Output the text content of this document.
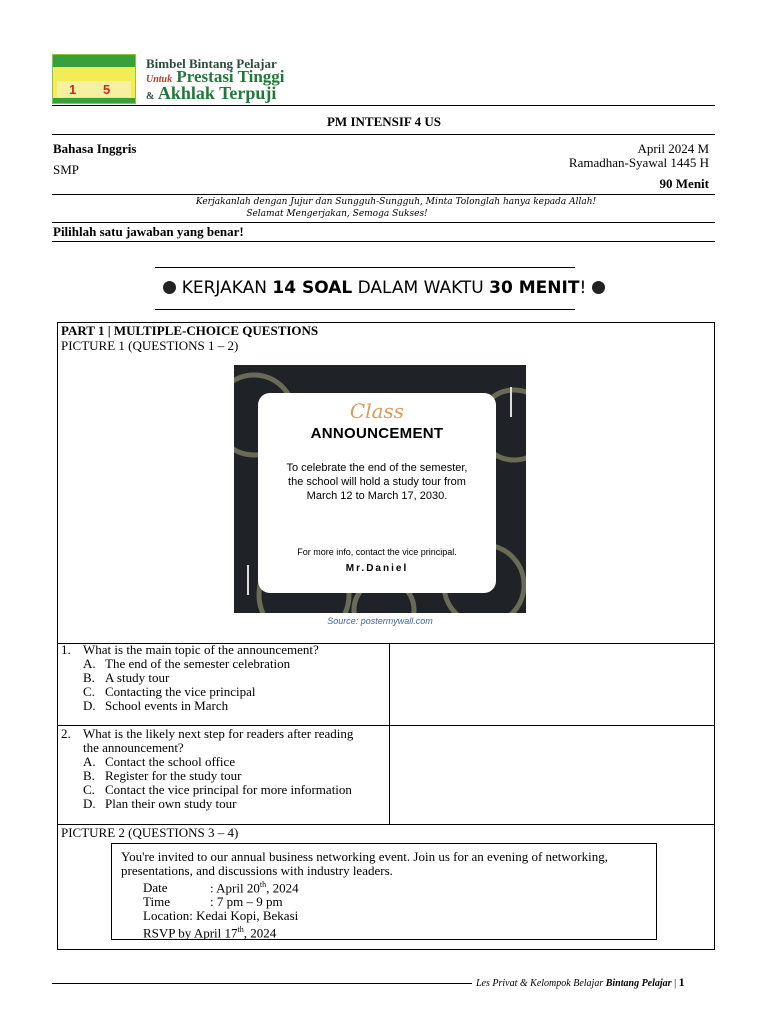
1 5
Bimbel Bintang Pelajar
Untuk Prestasi Tinggi
& Akhlak Terpuji
PM INTENSIF 4 US
Bahasa Inggris
SMP
April 2024 M
Ramadhan-Syawal 1445 H
90 Menit
Kerjakanlah dengan Jujur dan Sungguh-Sungguh, Minta Tolonglah hanya kepada Allah!
Selamat Mengerjakan, Semoga Sukses!
Pilihlah satu jawaban yang benar!
KERJAKAN 14 SOAL DALAM WAKTU 30 MENIT!
PART 1 | MULTIPLE-CHOICE QUESTIONS
PICTURE 1 (QUESTIONS 1 – 2)
Class
ANNOUNCEMENT
To celebrate the end of the semester, the school will hold a study tour from March 12 to March 17, 2030.
For more info, contact the vice principal.
Mr.Daniel
Source: postermywall.com
1. What is the main topic of the announcement?
A. The end of the semester celebration
B. A study tour
C. Contacting the vice principal
D. School events in March
2. What is the likely next step for readers after reading
the announcement?
A. Contact the school office
B. Register for the study tour
C. Contact the vice principal for more information
D. Plan their own study tour
PICTURE 2 (QUESTIONS 3 – 4)
You're invited to our annual business networking event. Join us for an evening of networking,
presentations, and discussions with industry leaders.
Date	: April 20th, 2024
Time	: 7 pm – 9 pm
Location: Kedai Kopi, Bekasi
RSVP by April 17th, 2024
Les Privat & Kelompok Belajar Bintang Pelajar | 1
